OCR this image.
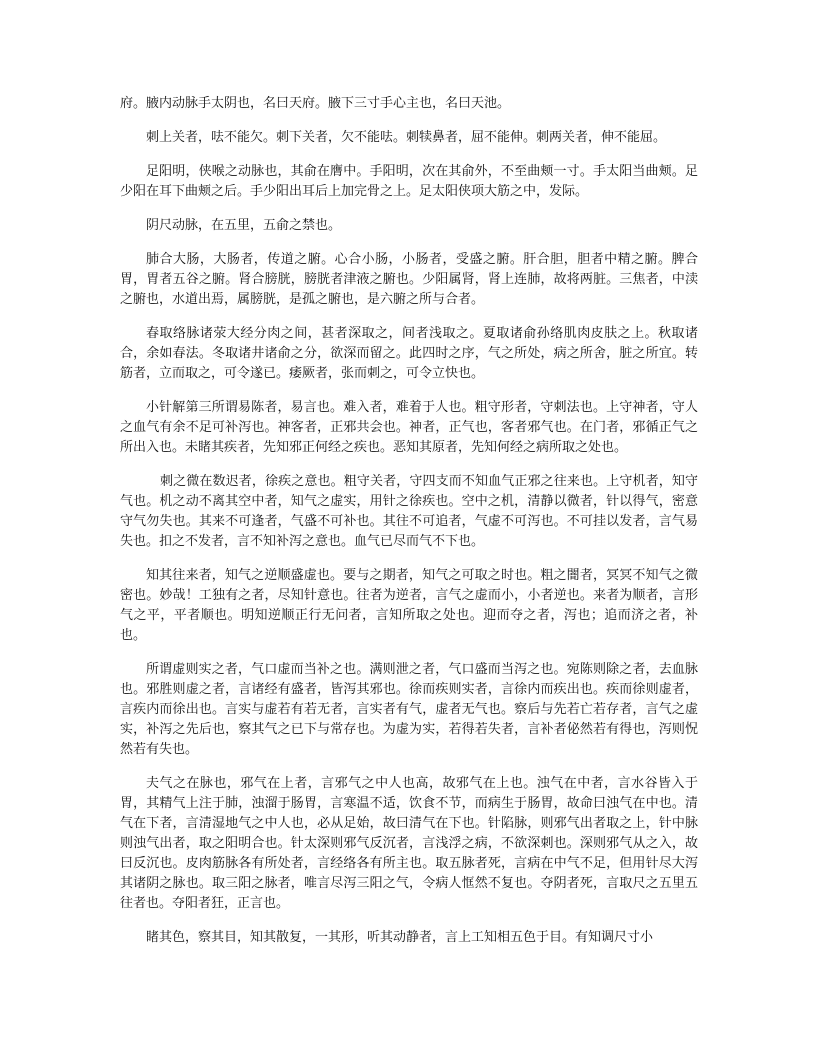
府。腋内动脉手太阴也，名曰天府。腋下三寸手心主也，名曰天池。

刺上关者，呿不能欠。刺下关者，欠不能呿。刺犊鼻者，屈不能伸。刺两关者，伸不能屈。

足阳明，侠喉之动脉也，其俞在膺中。手阳明，次在其俞外，不至曲颊一寸。手太阳当曲颊。足少阳在耳下曲颊之后。手少阳出耳后上加完骨之上。足太阳侠项大筋之中，发际。

阴尺动脉，在五里，五俞之禁也。

肺合大肠，大肠者，传道之腑。心合小肠，小肠者，受盛之腑。肝合胆，胆者中精之腑。脾合胃，胃者五谷之腑。肾合膀胱，膀胱者津液之腑也。少阳属肾，肾上连肺，故将两脏。三焦者，中渎之腑也，水道出焉，属膀胱，是孤之腑也，是六腑之所与合者。

春取络脉诸荥大经分肉之间，甚者深取之，间者浅取之。夏取诸俞孙络肌肉皮肤之上。秋取诸合，余如春法。冬取诸井诸俞之分，欲深而留之。此四时之序，气之所处，病之所舍，脏之所宜。转筋者，立而取之，可令遂已。痿厥者，张而刺之，可令立快也。

小针解第三所谓易陈者，易言也。难入者，难着于人也。粗守形者，守刺法也。上守神者，守人之血气有余不足可补泻也。神客者，正邪共会也。神者，正气也，客者邪气也。在门者，邪循正气之所出入也。未睹其疾者，先知邪正何经之疾也。恶知其原者，先知何经之病所取之处也。

刺之微在数迟者，徐疾之意也。粗守关者，守四支而不知血气正邪之往来也。上守机者，知守气也。机之动不离其空中者，知气之虚实，用针之徐疾也。空中之机，清静以微者，针以得气，密意守气勿失也。其来不可逢者，气盛不可补也。其往不可追者，气虚不可泻也。不可挂以发者，言气易失也。扣之不发者，言不知补泻之意也。血气已尽而气不下也。

知其往来者，知气之逆顺盛虚也。要与之期者，知气之可取之时也。粗之闇者，冥冥不知气之微密也。妙哉！工独有之者，尽知针意也。往者为逆者，言气之虚而小，小者逆也。来者为顺者，言形气之平，平者顺也。明知逆顺正行无问者，言知所取之处也。迎而夺之者，泻也；追而济之者，补也。

所谓虚则实之者，气口虚而当补之也。满则泄之者，气口盛而当泻之也。宛陈则除之者，去血脉也。邪胜则虚之者，言诸经有盛者，皆泻其邪也。徐而疾则实者，言徐内而疾出也。疾而徐则虚者，言疾内而徐出也。言实与虚若有若无者，言实者有气，虚者无气也。察后与先若亡若存者，言气之虚实，补泻之先后也，察其气之已下与常存也。为虚为实，若得若失者，言补者佖然若有得也，泻则怳然若有失也。

夫气之在脉也，邪气在上者，言邪气之中人也高，故邪气在上也。浊气在中者，言水谷皆入于胃，其精气上注于肺，浊溜于肠胃，言寒温不适，饮食不节，而病生于肠胃，故命曰浊气在中也。清气在下者，言清湿地气之中人也，必从足始，故曰清气在下也。针陷脉，则邪气出者取之上，针中脉则浊气出者，取之阳明合也。针太深则邪气反沉者，言浅浮之病，不欲深刺也。深则邪气从之入，故曰反沉也。皮肉筋脉各有所处者，言经络各有所主也。取五脉者死，言病在中气不足，但用针尽大泻其诸阴之脉也。取三阳之脉者，唯言尽泻三阳之气，令病人恇然不复也。夺阴者死，言取尺之五里五往者也。夺阳者狂，正言也。

睹其色，察其目，知其散复，一其形，听其动静者，言上工知相五色于目。有知调尺寸小
